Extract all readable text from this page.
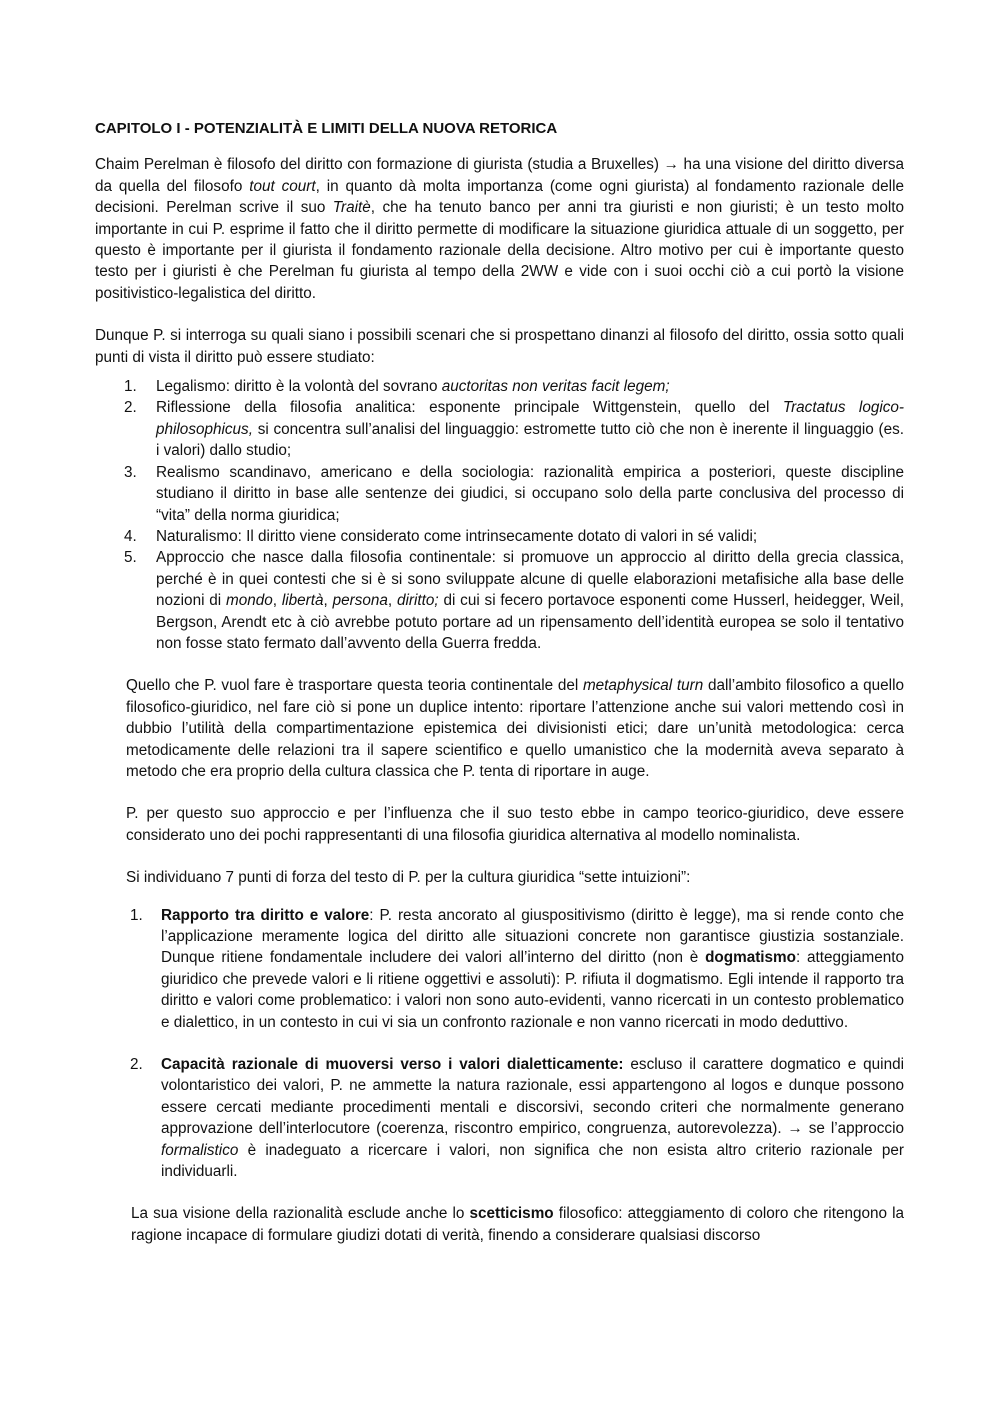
CAPITOLO I - POTENZIALITÀ E LIMITI DELLA NUOVA RETORICA

Chaim Perelman è filosofo del diritto con formazione di giurista (studia a Bruxelles) → ha una visione del diritto diversa da quella del filosofo tout court, in quanto dà molta importanza (come ogni giurista) al fondamento razionale delle decisioni. Perelman scrive il suo Traitè, che ha tenuto banco per anni tra giuristi e non giuristi; è un testo molto importante in cui P. esprime il fatto che il diritto permette di modificare la situazione giuridica attuale di un soggetto, per questo è importante per il giurista il fondamento razionale della decisione. Altro motivo per cui è importante questo testo per i giuristi è che Perelman fu giurista al tempo della 2WW e vide con i suoi occhi ciò a cui portò la visione positivistico-legalistica del diritto.

Dunque P. si interroga su quali siano i possibili scenari che si prospettano dinanzi al filosofo del diritto, ossia sotto quali punti di vista il diritto può essere studiato:

1.	Legalismo: diritto è la volontà del sovrano auctoritas non veritas facit legem;
2.	Riflessione della filosofia analitica: esponente principale Wittgenstein, quello del Tractatus logico-philosophicus, si concentra sull’analisi del linguaggio: estromette tutto ciò che non è inerente il linguaggio (es. i valori) dallo studio;
3.	Realismo scandinavo, americano e della sociologia: razionalità empirica a posteriori, queste discipline studiano il diritto in base alle sentenze dei giudici, si occupano solo della parte conclusiva del processo di “vita” della norma giuridica;
4.	Naturalismo: Il diritto viene considerato come intrinsecamente dotato di valori in sé validi;
5.	Approccio che nasce dalla filosofia continentale: si promuove un approccio al diritto della grecia classica, perché è in quei contesti che si è si sono sviluppate alcune di quelle elaborazioni metafisiche alla base delle nozioni di mondo, libertà, persona, diritto; di cui si fecero portavoce esponenti come Husserl, heidegger, Weil, Bergson, Arendt etc à ciò avrebbe potuto portare ad un ripensamento dell’identità europea se solo il tentativo non fosse stato fermato dall’avvento della Guerra fredda.

Quello che P. vuol fare è trasportare questa teoria continentale del metaphysical turn dall’ambito filosofico a quello filosofico-giuridico, nel fare ciò si pone un duplice intento: riportare l’attenzione anche sui valori mettendo così in dubbio l’utilità della compartimentazione epistemica dei divisionisti etici; dare un’unità metodologica: cerca metodicamente delle relazioni tra il sapere scientifico e quello umanistico che la modernità aveva separato à metodo che era proprio della cultura classica che P. tenta di riportare in auge.

P. per questo suo approccio e per l’influenza che il suo testo ebbe in campo teorico-giuridico, deve essere considerato uno dei pochi rappresentanti di una filosofia giuridica alternativa al modello nominalista.

Si individuano 7 punti di forza del testo di P. per la cultura giuridica “sette intuizioni”:

1.	Rapporto tra diritto e valore: P. resta ancorato al giuspositivismo (diritto è legge), ma si rende conto che l’applicazione meramente logica del diritto alle situazioni concrete non garantisce giustizia sostanziale. Dunque ritiene fondamentale includere dei valori all’interno del diritto (non è dogmatismo: atteggiamento giuridico che prevede valori e li ritiene oggettivi e assoluti): P. rifiuta il dogmatismo. Egli intende il rapporto tra diritto e valori come problematico: i valori non sono auto-evidenti, vanno ricercati in un contesto problematico e dialettico, in un contesto in cui vi sia un confronto razionale e non vanno ricercati in modo deduttivo.
2.	Capacità razionale di muoversi verso i valori dialetticamente: escluso il carattere dogmatico e quindi volontaristico dei valori, P. ne ammette la natura razionale, essi appartengono al logos e dunque possono essere cercati mediante procedimenti mentali e discorsivi, secondo criteri che normalmente generano approvazione dell’interlocutore (coerenza, riscontro empirico, congruenza, autorevolezza). → se l’approccio formalistico è inadeguato a ricercare i valori, non significa che non esista altro criterio razionale per individuarli.

La sua visione della razionalità esclude anche lo scetticismo filosofico: atteggiamento di coloro che ritengono la ragione incapace di formulare giudizi dotati di verità, finendo a considerare qualsiasi discorso
